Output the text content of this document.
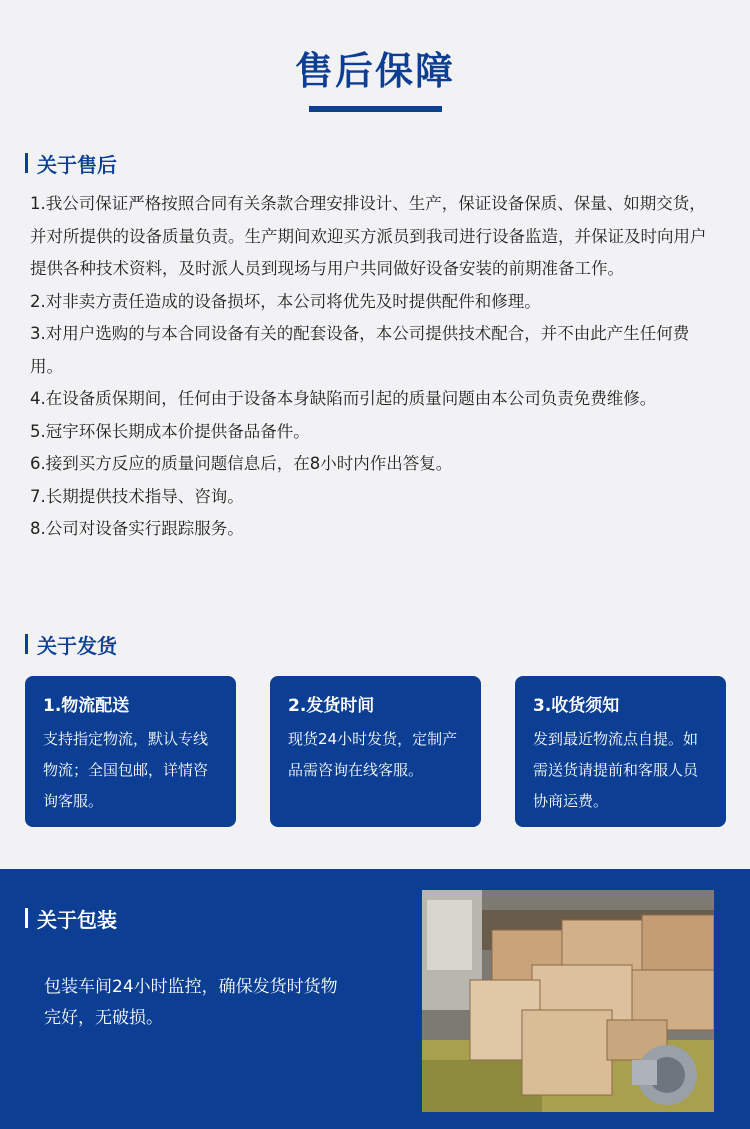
售后保障
关于售后

1.我公司保证严格按照合同有关条款合理安排设计、生产，保证设备保质、保量、如期交货，并对所提供的设备质量负责。生产期间欢迎买方派员到我司进行设备监造，并保证及时向用户提供各种技术资料，及时派人员到现场与用户共同做好设备安装的前期准备工作。

2.对非卖方责任造成的设备损坏，本公司将优先及时提供配件和修理。

3.对用户选购的与本合同设备有关的配套设备，本公司提供技术配合，并不由此产生任何费用。

4.在设备质保期间，任何由于设备本身缺陷而引起的质量问题由本公司负责免费维修。

5.冠宇环保长期成本价提供备品备件。

6.接到买方反应的质量问题信息后，在8小时内作出答复。

7.长期提供技术指导、咨询。

8.公司对设备实行跟踪服务。

关于发货
1.物流配送
支持指定物流，默认专线物流；全国包邮，详情咨询客服。
2.发货时间
现货24小时发货，定制产品需咨询在线客服。
3.收货须知
发到最近物流点自提。如需送货请提前和客服人员协商运费。
关于包装
包装车间24小时监控，确保发货时货物完好，无破损。
